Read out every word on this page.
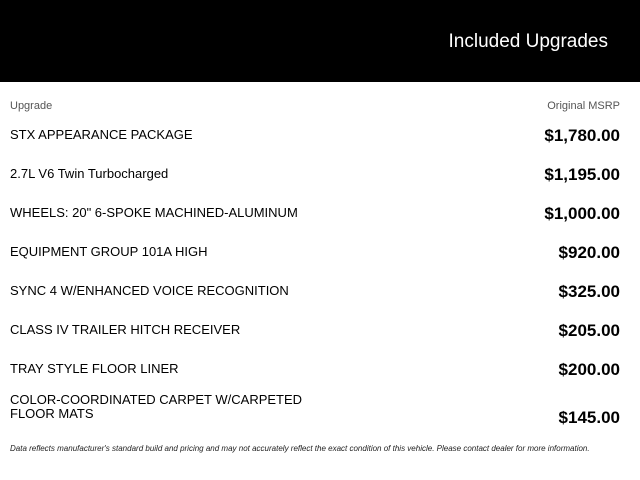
Included Upgrades
Upgrade	Original MSRP
STX APPEARANCE PACKAGE	$1,780.00
2.7L V6 Twin Turbocharged	$1,195.00
WHEELS: 20" 6-SPOKE MACHINED-ALUMINUM	$1,000.00
EQUIPMENT GROUP 101A HIGH	$920.00
SYNC 4 W/ENHANCED VOICE RECOGNITION	$325.00
CLASS IV TRAILER HITCH RECEIVER	$205.00
TRAY STYLE FLOOR LINER	$200.00
COLOR-COORDINATED CARPET W/CARPETED FLOOR MATS	$145.00
Data reflects manufacturer's standard build and pricing and may not accurately reflect the exact condition of this vehicle. Please contact dealer for more information.
